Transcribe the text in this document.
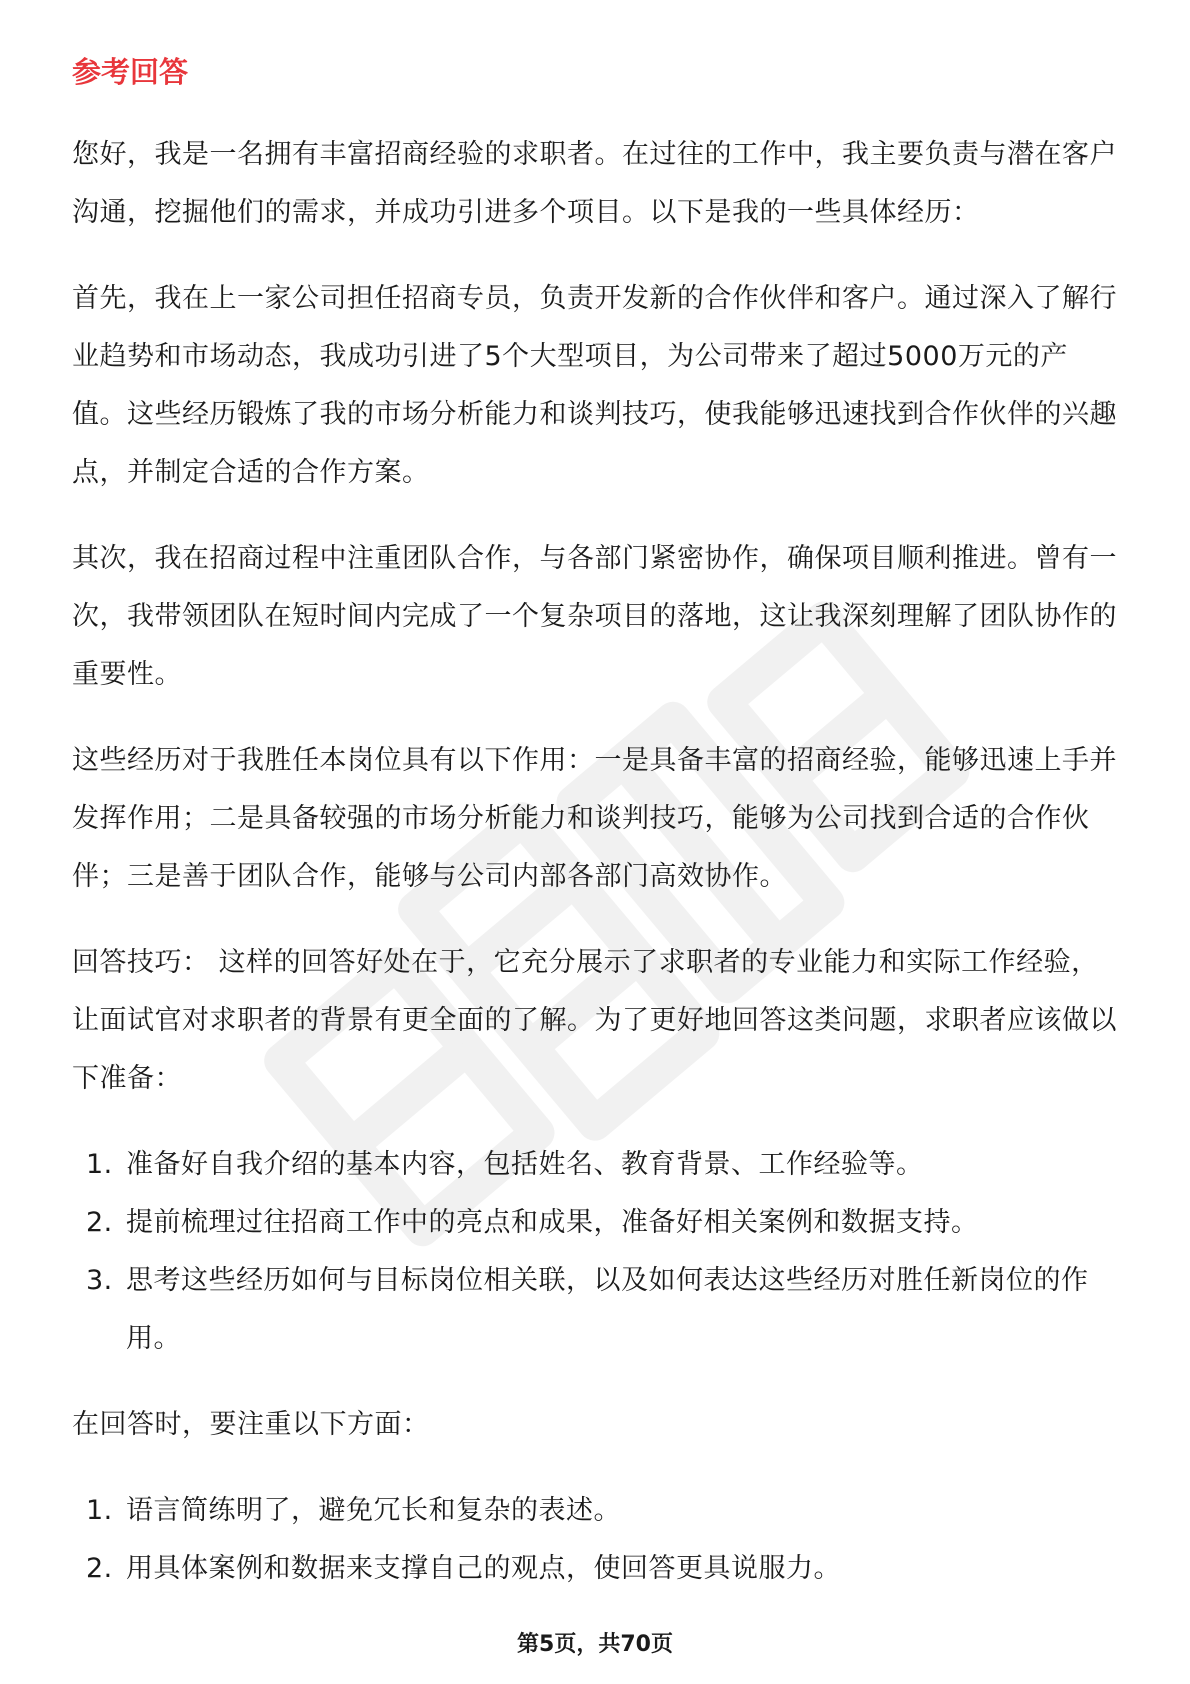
参考回答

您好，我是一名拥有丰富招商经验的求职者。在过往的工作中，我主要负责与潜在客户沟通，挖掘他们的需求，并成功引进多个项目。以下是我的一些具体经历：

首先，我在上一家公司担任招商专员，负责开发新的合作伙伴和客户。通过深入了解行业趋势和市场动态，我成功引进了5个大型项目，为公司带来了超过5000万元的产值。这些经历锻炼了我的市场分析能力和谈判技巧，使我能够迅速找到合作伙伴的兴趣点，并制定合适的合作方案。

其次，我在招商过程中注重团队合作，与各部门紧密协作，确保项目顺利推进。曾有一次，我带领团队在短时间内完成了一个复杂项目的落地，这让我深刻理解了团队协作的重要性。

这些经历对于我胜任本岗位具有以下作用：一是具备丰富的招商经验，能够迅速上手并发挥作用；二是具备较强的市场分析能力和谈判技巧，能够为公司找到合适的合作伙伴；三是善于团队合作，能够与公司内部各部门高效协作。

回答技巧： 这样的回答好处在于，它充分展示了求职者的专业能力和实际工作经验，让面试官对求职者的背景有更全面的了解。为了更好地回答这类问题，求职者应该做以下准备：

1. 准备好自我介绍的基本内容，包括姓名、教育背景、工作经验等。
2. 提前梳理过往招商工作中的亮点和成果，准备好相关案例和数据支持。
3. 思考这些经历如何与目标岗位相关联，以及如何表达这些经历对胜任新岗位的作用。

在回答时，要注重以下方面：

1. 语言简练明了，避免冗长和复杂的表述。
2. 用具体案例和数据来支撑自己的观点，使回答更具说服力。
第5页，共70页
